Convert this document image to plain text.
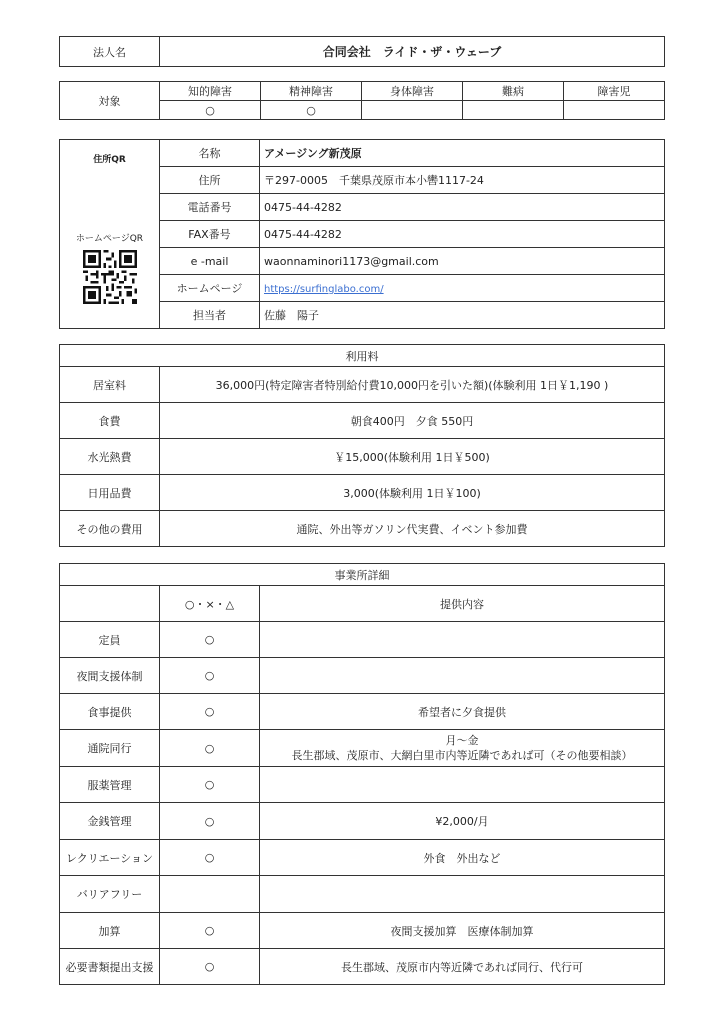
法人名	合同会社　ライド・ザ・ウェーブ
対象	知的障害	精神障害	身体障害	難病	障害児
	○	○			
住所QR
ホームページQR	名称	アメージング新茂原
	住所	〒297-0005　千葉県茂原市本小轡1117-24
	電話番号	0475-44-4282
	FAX番号	0475-44-4282
	e -mail	waonnaminori1173@gmail.com
	ホームページ	https://surfinglabo.com/
	担当者	佐藤　陽子
利用料	
居室料	36,000円(特定障害者特別給付費10,000円を引いた額)(体験利用 1日￥1,190 )
食費	朝食400円　夕食 550円
水光熱費	￥15,000(体験利用 1日￥500)
日用品費	3,000(体験利用 1日￥100)
その他の費用	通院、外出等ガソリン代実費、イベント参加費
事業所詳細		
	○・×・△	提供内容
定員	○	
夜間支援体制	○	
食事提供	○	希望者に夕食提供
通院同行	○	月～金
長生郡域、茂原市、大網白里市内等近隣であれば可（その他要相談）

服薬管理	○	
金銭管理	○	¥2,000/月
レクリエーション	○	外食　外出など
バリアフリー		
加算	○	夜間支援加算　医療体制加算
必要書類提出支援	○	長生郡域、茂原市内等近隣であれば同行、代行可
